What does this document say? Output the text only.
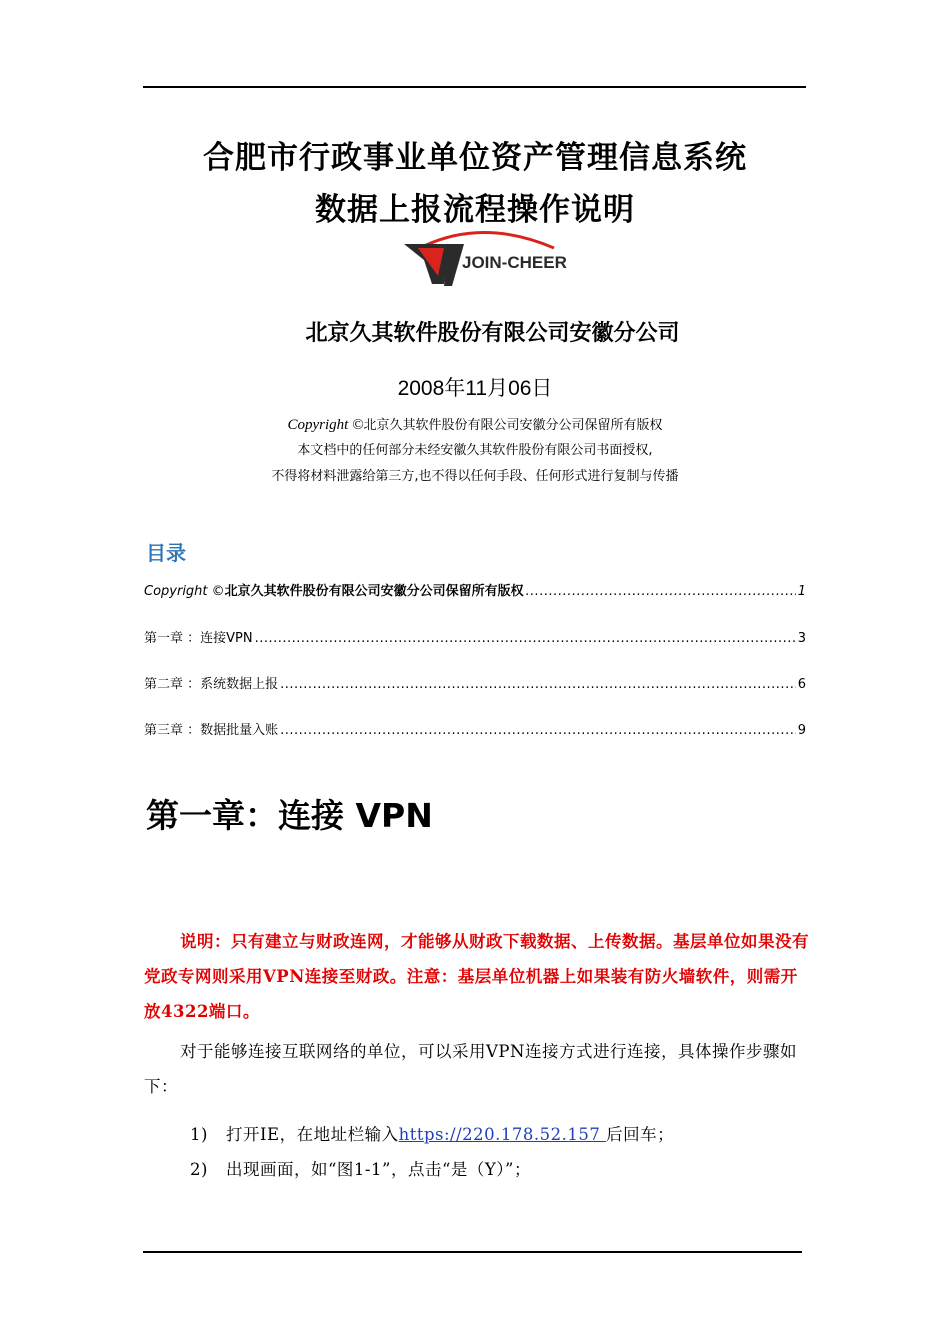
合肥市行政事业单位资产管理信息系统
数据上报流程操作说明
JOIN-CHEER
北京久其软件股份有限公司安徽分公司
2008年11月06日
Copyright ©北京久其软件股份有限公司安徽分公司保留所有版权
本文档中的任何部分未经安徽久其软件股份有限公司书面授权,
不得将材料泄露给第三方,也不得以任何手段、任何形式进行复制与传播
目录
Copyright ©北京久其软件股份有限公司安徽分公司保留所有版权 .....	1
第一章 ：连接VPN .....	3
第二章 ：系统数据上报 .....	6
第三章 ：数据批量入账 .....	9
第一章：连接 VPN
说明：只有建立与财政连网，才能够从财政下载数据、上传数据。基层单位如果没有党政专网则采用VPN连接至财政。注意：基层单位机器上如果装有防火墙软件，则需开放4322端口。
对于能够连接互联网络的单位，可以采用VPN连接方式进行连接，具体操作步骤如下：
1) 打开IE，在地址栏输入https://220.178.52.157 后回车；
2) 出现画面，如“图1-1”，点击“是（Y）”；
